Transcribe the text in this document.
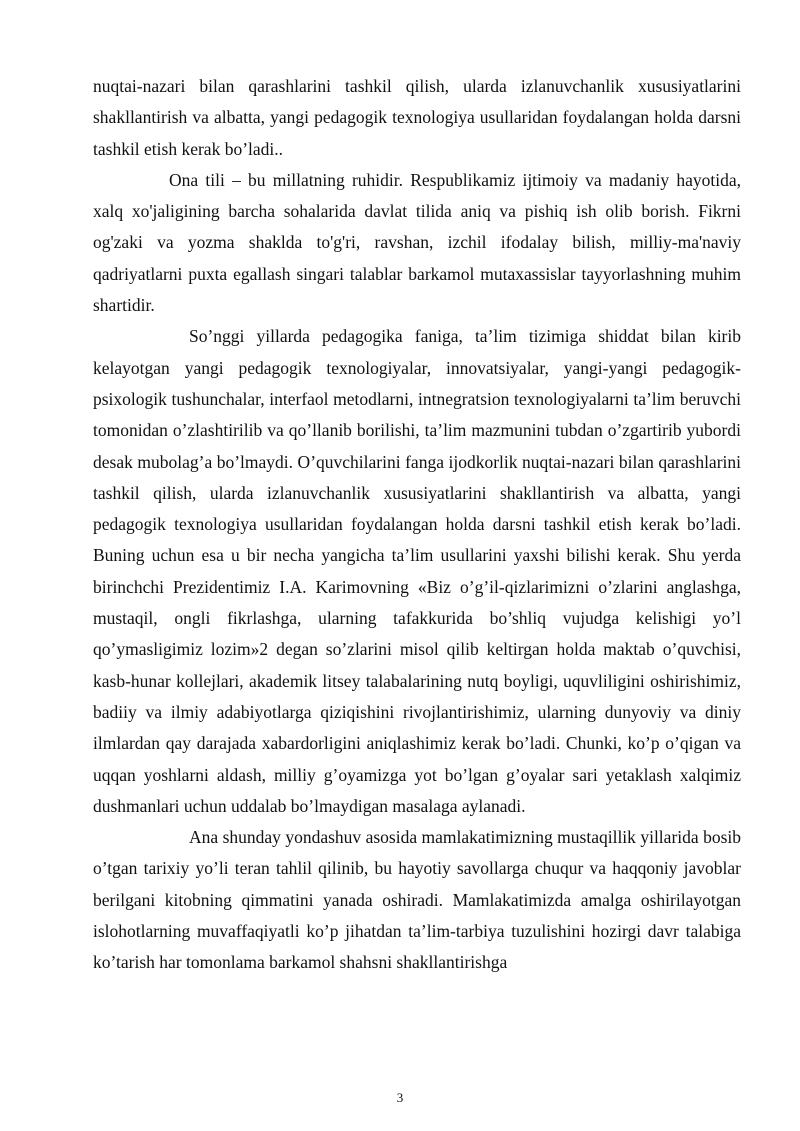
nuqtai-nazari bilan qarashlarini tashkil qilish, ularda izlanuvchanlik xususiyatlarini shakllantirish va albatta, yangi pedagogik texnologiya usullaridan foydalangan holda darsni tashkil etish kerak bo’ladi..

Ona tili – bu millatning ruhidir. Respublikamiz ijtimoiy va madaniy hayotida, xalq xo'jaligining barcha sohalarida davlat tilida aniq va pishiq ish olib borish. Fikrni og'zaki va yozma shaklda to'g'ri, ravshan, izchil ifodalay bilish, milliy-ma'naviy qadriyatlarni puxta egallash singari talablar barkamol mutaxassislar tayyorlashning muhim shartidir.

So’nggi yillarda pedagogika faniga, ta’lim tizimiga shiddat bilan kirib kelayotgan yangi pedagogik texnologiyalar, innovatsiyalar, yangi-yangi pedagogik-psixologik tushunchalar, interfaol metodlarni, intnegratsion texnologiyalarni ta’lim beruvchi tomonidan o’zlashtirilib va qo’llanib borilishi, ta’lim mazmunini tubdan o’zgartirib yubordi desak mubolag’a bo’lmaydi. O’quvchilarini fanga ijodkorlik nuqtai-nazari bilan qarashlarini tashkil qilish, ularda izlanuvchanlik xususiyatlarini shakllantirish va albatta, yangi pedagogik texnologiya usullaridan foydalangan holda darsni tashkil etish kerak bo’ladi. Buning uchun esa u bir necha yangicha ta’lim usullarini yaxshi bilishi kerak. Shu yerda birinchchi Prezidentimiz I.A. Karimovning «Biz o’g’il-qizlarimizni o’zlarini anglashga, mustaqil, ongli fikrlashga, ularning tafakkurida bo’shliq vujudga kelishigi yo’l qo’ymasligimiz lozim»2 degan so’zlarini misol qilib keltirgan holda maktab o’quvchisi, kasb-hunar kollejlari, akademik litsey talabalarining nutq boyligi, uquvliligini oshirishimiz, badiiy va ilmiy adabiyotlarga qiziqishini rivojlantirishimiz, ularning dunyoviy va diniy ilmlardan qay darajada xabardorligini aniqlashimiz kerak bo’ladi. Chunki, ko’p o’qigan va uqqan yoshlarni aldash, milliy g’oyamizga yot bo’lgan g’oyalar sari yetaklash xalqimiz dushmanlari uchun uddalab bo’lmaydigan masalaga aylanadi.

Ana shunday yondashuv asosida mamlakatimizning mustaqillik yillarida bosib o’tgan tarixiy yo’li teran tahlil qilinib, bu hayotiy savollarga chuqur va haqqoniy javoblar berilgani kitobning qimmatini yanada oshiradi. Mamlakatimizda amalga oshirilayotgan islohotlarning muvaffaqiyatli ko’p jihatdan ta’lim-tarbiya tuzulishini hozirgi davr talabiga ko’tarish har tomonlama barkamol shahsni shakllantirishga

3
